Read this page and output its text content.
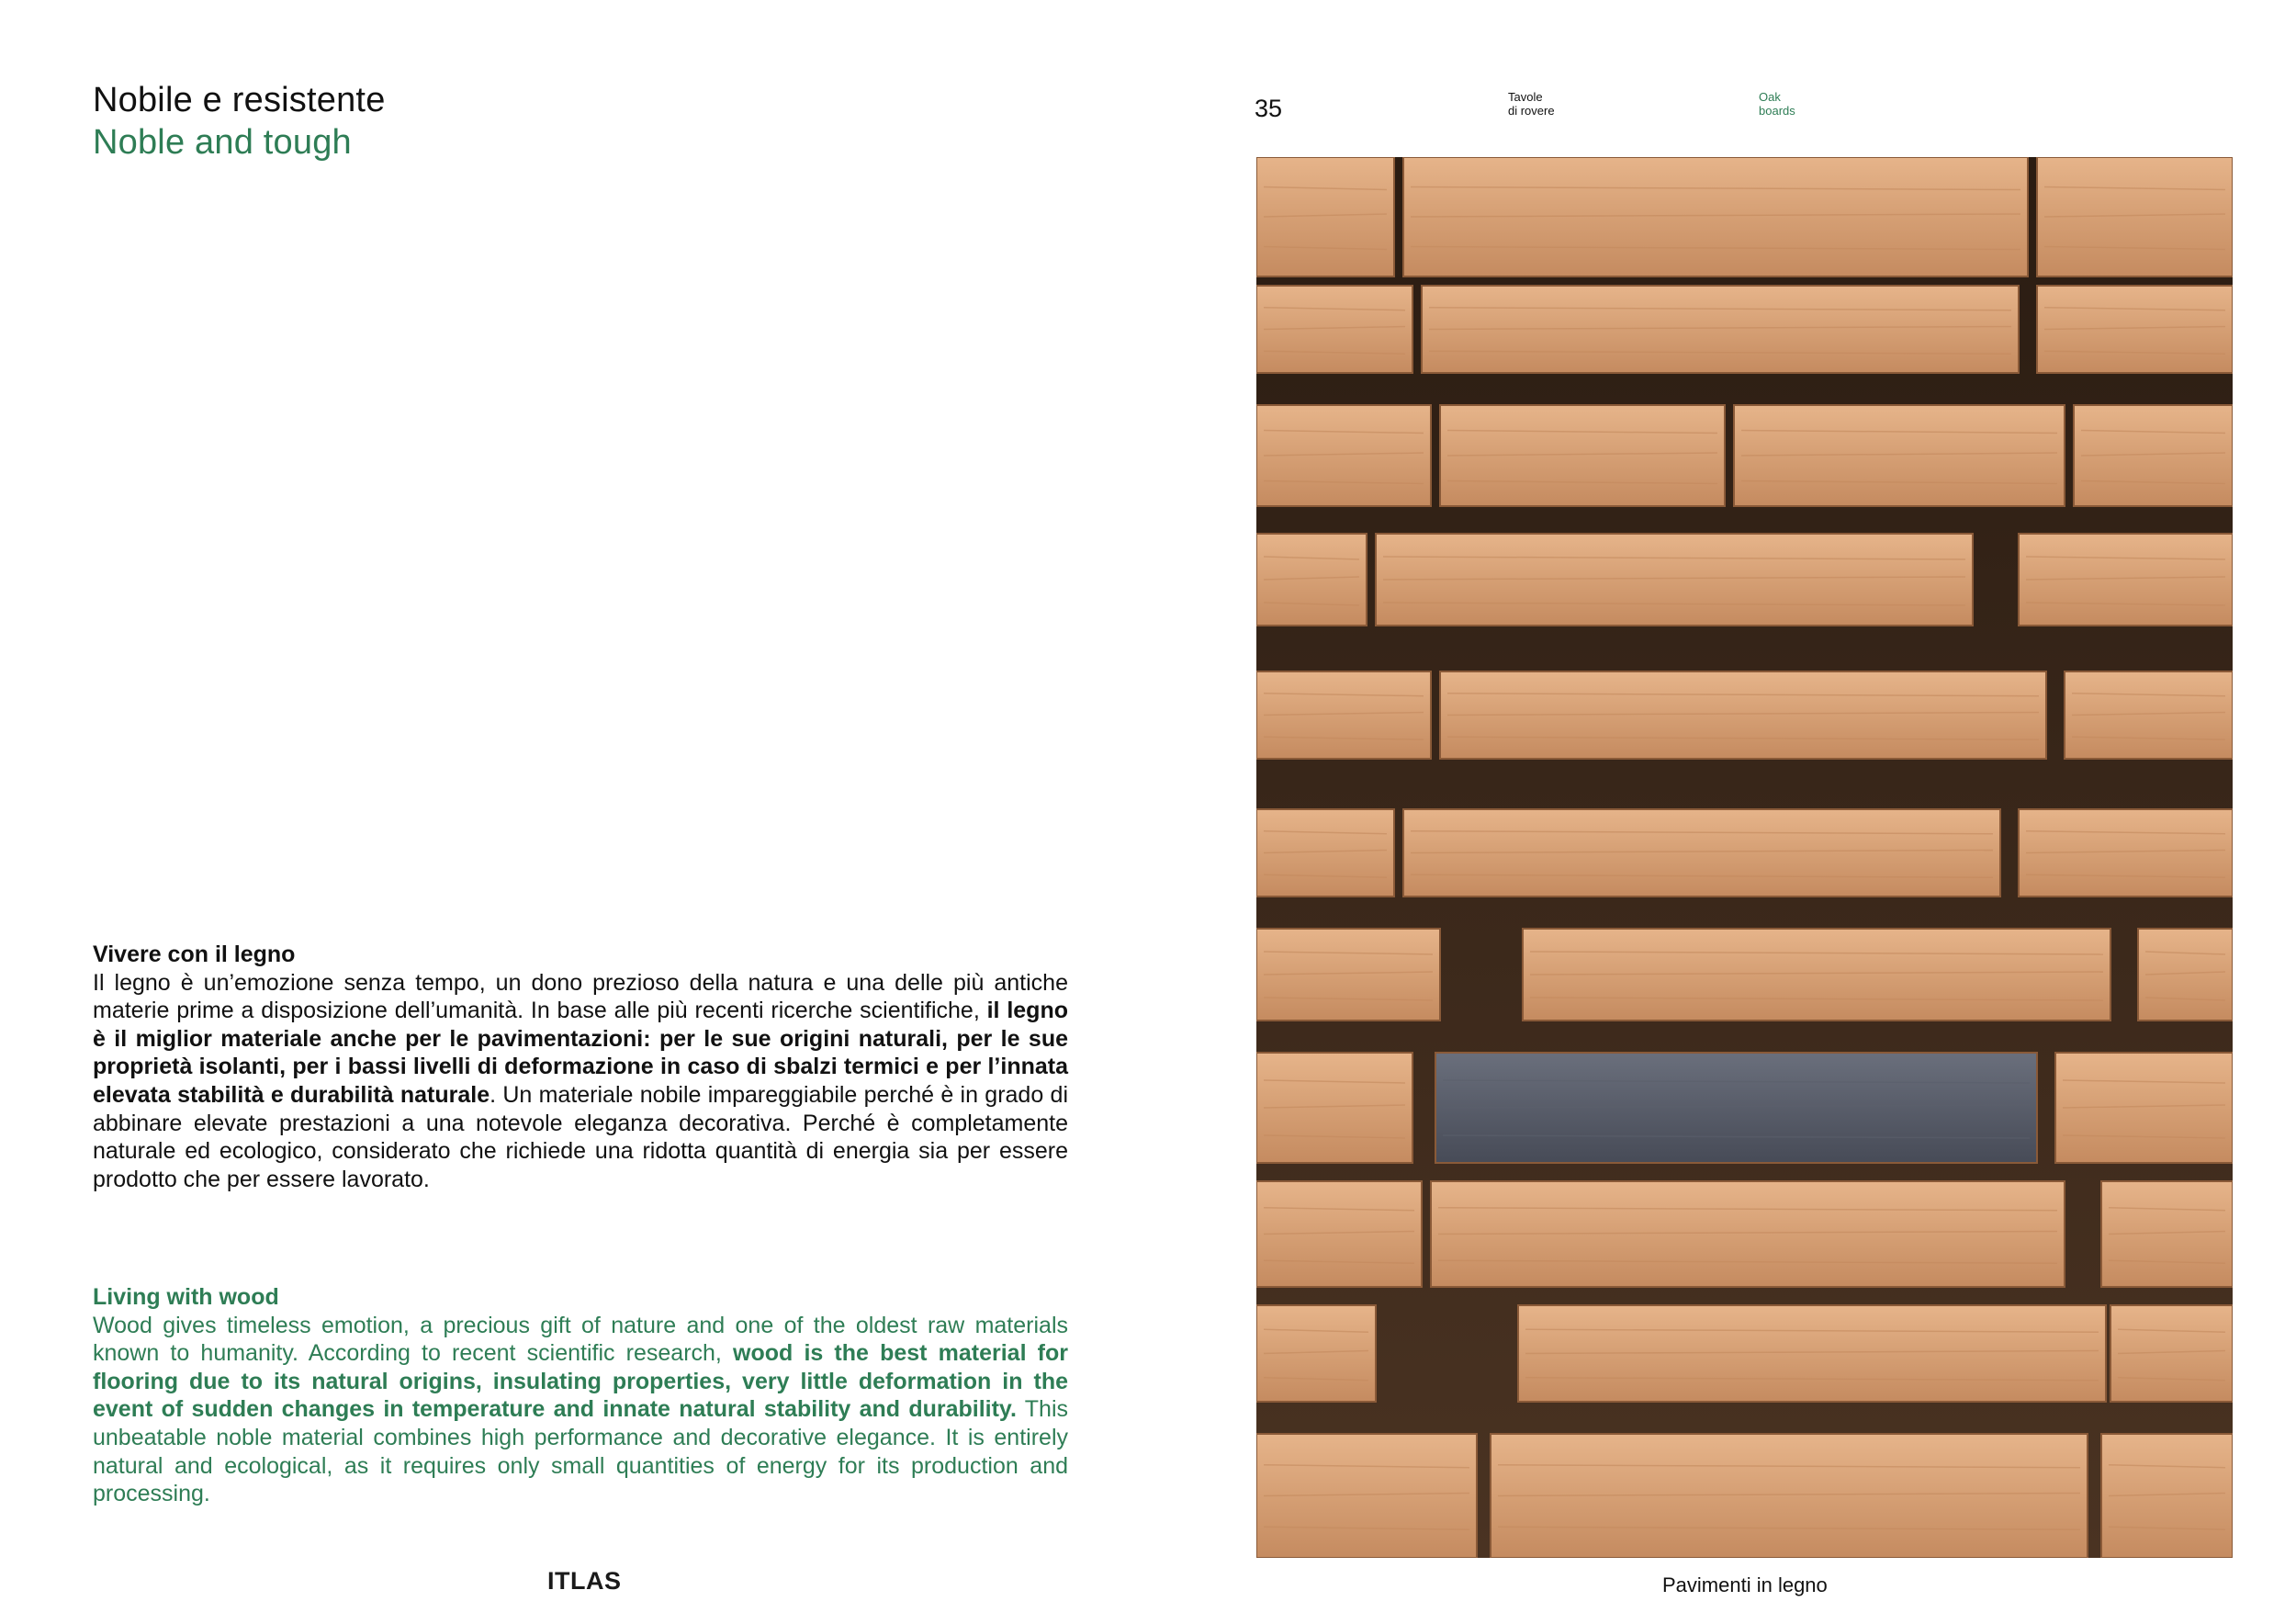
Nobile e resistente
Noble and tough
Vivere con il legno
Il legno è un’emozione senza tempo, un dono prezioso della natura e una delle più antiche materie prime a disposizione dell’umanità. In base alle più recenti ricerche scientifiche, il legno è il miglior materiale anche per le pavimentazioni: per le sue origini naturali, per le sue proprietà isolanti, per i bassi livelli di deformazione in caso di sbalzi termici e per l’innata elevata stabilità e durabilità naturale. Un materiale nobile impareggiabile perché è in grado di abbinare elevate prestazioni a una notevole eleganza decorativa. Perché è completamente naturale ed ecologico, considerato che richiede una ridotta quantità di energia sia per essere prodotto che per essere lavorato.
Living with wood
Wood gives timeless emotion, a precious gift of nature and one of the oldest raw materials known to humanity. According to recent scientific research, wood is the best material for flooring due to its natural origins, insulating properties, very little deformation in the event of sudden changes in temperature and innate natural stability and durability. This unbeatable noble material combines high performance and decorative elegance. It is entirely natural and ecological, as it requires only small quantities of energy for its production and processing.
ITLAS
35	Tavole
di rovere
Oak
boards
Pavimenti in legno
